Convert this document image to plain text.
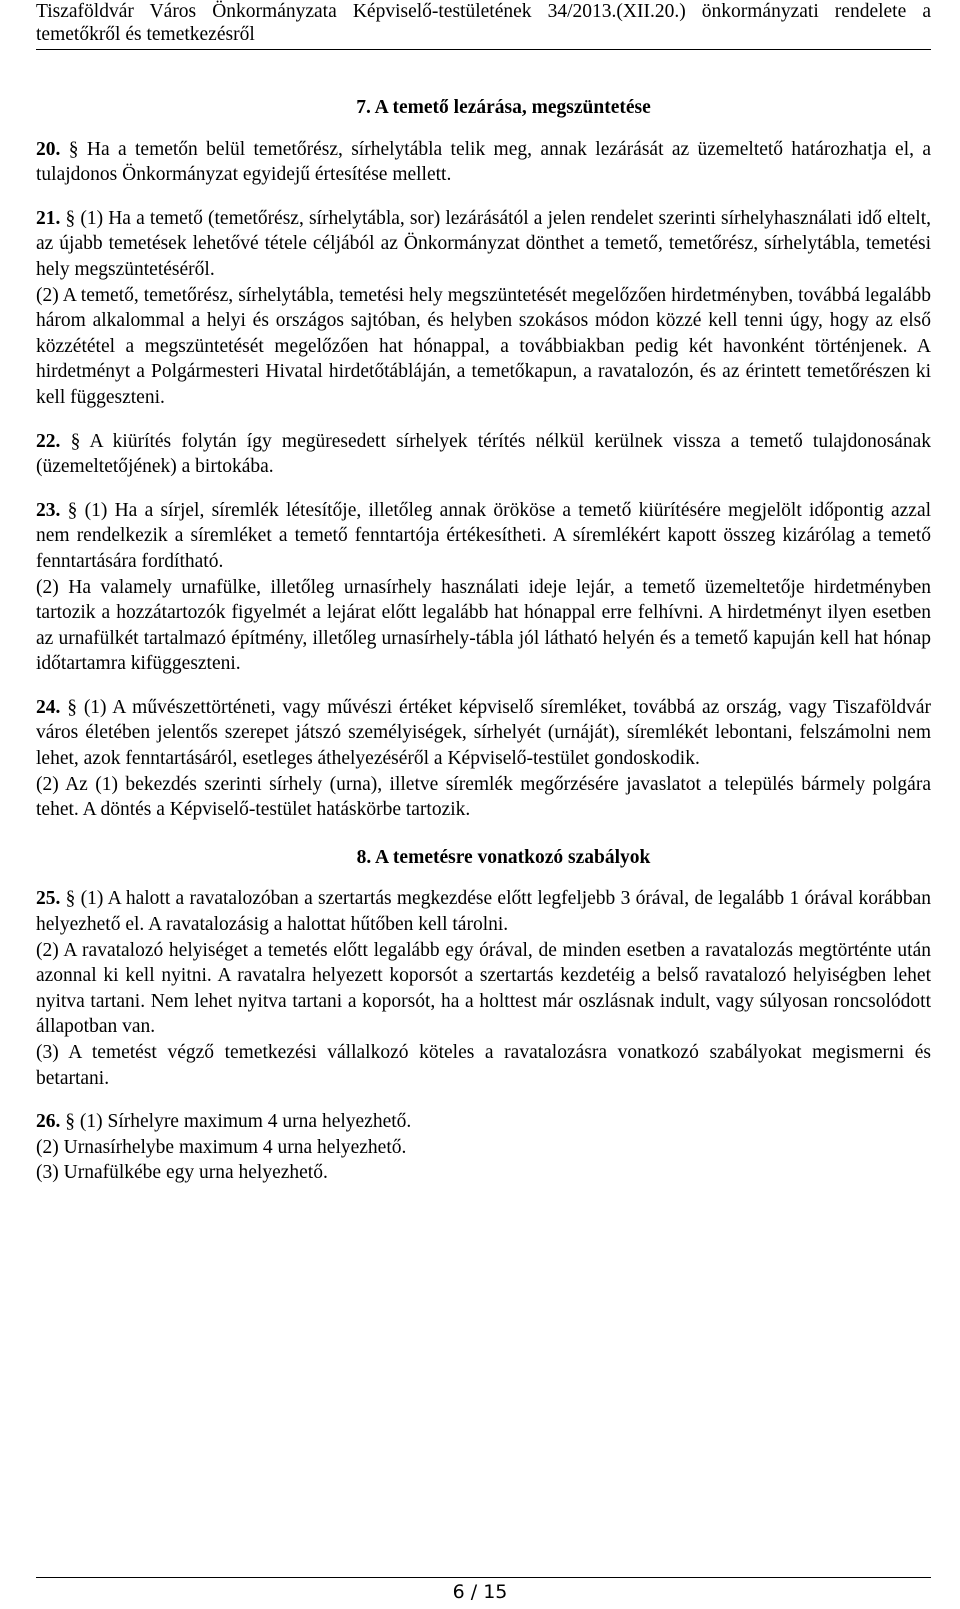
Tiszaföldvár Város Önkormányzata Képviselő-testületének 34/2013.(XII.20.) önkormányzati rendelete a temetőkről és temetkezésről
7. A temető lezárása, megszüntetése

20. § Ha a temetőn belül temetőrész, sírhelytábla telik meg, annak lezárását az üzemeltető határozhatja el, a tulajdonos Önkormányzat egyidejű értesítése mellett.

21. § (1) Ha a temető (temetőrész, sírhelytábla, sor) lezárásától a jelen rendelet szerinti sírhelyhasználati idő eltelt, az újabb temetések lehetővé tétele céljából az Önkormányzat dönthet a temető, temetőrész, sírhelytábla, temetési hely megszüntetéséről.

(2) A temető, temetőrész, sírhelytábla, temetési hely megszüntetését megelőzően hirdetményben, továbbá legalább három alkalommal a helyi és országos sajtóban, és helyben szokásos módon közzé kell tenni úgy, hogy az első közzététel a megszüntetését megelőzően hat hónappal, a továbbiakban pedig két havonként történjenek. A hirdetményt a Polgármesteri Hivatal hirdetőtábláján, a temetőkapun, a ravatalozón, és az érintett temetőrészen ki kell függeszteni.

22. § A kiürítés folytán így megüresedett sírhelyek térítés nélkül kerülnek vissza a temető tulajdonosának (üzemeltetőjének) a birtokába.

23. § (1) Ha a sírjel, síremlék létesítője, illetőleg annak örököse a temető kiürítésére megjelölt időpontig azzal nem rendelkezik a síremléket a temető fenntartója értékesítheti. A síremlékért kapott összeg kizárólag a temető fenntartására fordítható.

(2) Ha valamely urnafülke, illetőleg urnasírhely használati ideje lejár, a temető üzemeltetője hirdetményben tartozik a hozzátartozók figyelmét a lejárat előtt legalább hat hónappal erre felhívni. A hirdetményt ilyen esetben az urnafülkét tartalmazó építmény, illetőleg urnasírhely-tábla jól látható helyén és a temető kapuján kell hat hónap időtartamra kifüggeszteni.

24. § (1) A művészettörténeti, vagy művészi értéket képviselő síremléket, továbbá az ország, vagy Tiszaföldvár város életében jelentős szerepet játszó személyiségek, sírhelyét (urnáját), síremlékét lebontani, felszámolni nem lehet, azok fenntartásáról, esetleges áthelyezéséről a Képviselő-testület gondoskodik.

(2) Az (1) bekezdés szerinti sírhely (urna), illetve síremlék megőrzésére javaslatot a település bármely polgára tehet. A döntés a Képviselő-testület hatáskörbe tartozik.

8. A temetésre vonatkozó szabályok

25. § (1) A halott a ravatalozóban a szertartás megkezdése előtt legfeljebb 3 órával, de legalább 1 órával korábban helyezhető el. A ravatalozásig a halottat hűtőben kell tárolni.

(2) A ravatalozó helyiséget a temetés előtt legalább egy órával, de minden esetben a ravatalozás megtörténte után azonnal ki kell nyitni. A ravatalra helyezett koporsót a szertartás kezdetéig a belső ravatalozó helyiségben lehet nyitva tartani. Nem lehet nyitva tartani a koporsót, ha a holttest már oszlásnak indult, vagy súlyosan roncsolódott állapotban van.

(3) A temetést végző temetkezési vállalkozó köteles a ravatalozásra vonatkozó szabályokat megismerni és betartani.

26. § (1) Sírhelyre maximum 4 urna helyezhető.

(2) Urnasírhelybe maximum 4 urna helyezhető.

(3) Urnafülkébe egy urna helyezhető.

6 / 15
